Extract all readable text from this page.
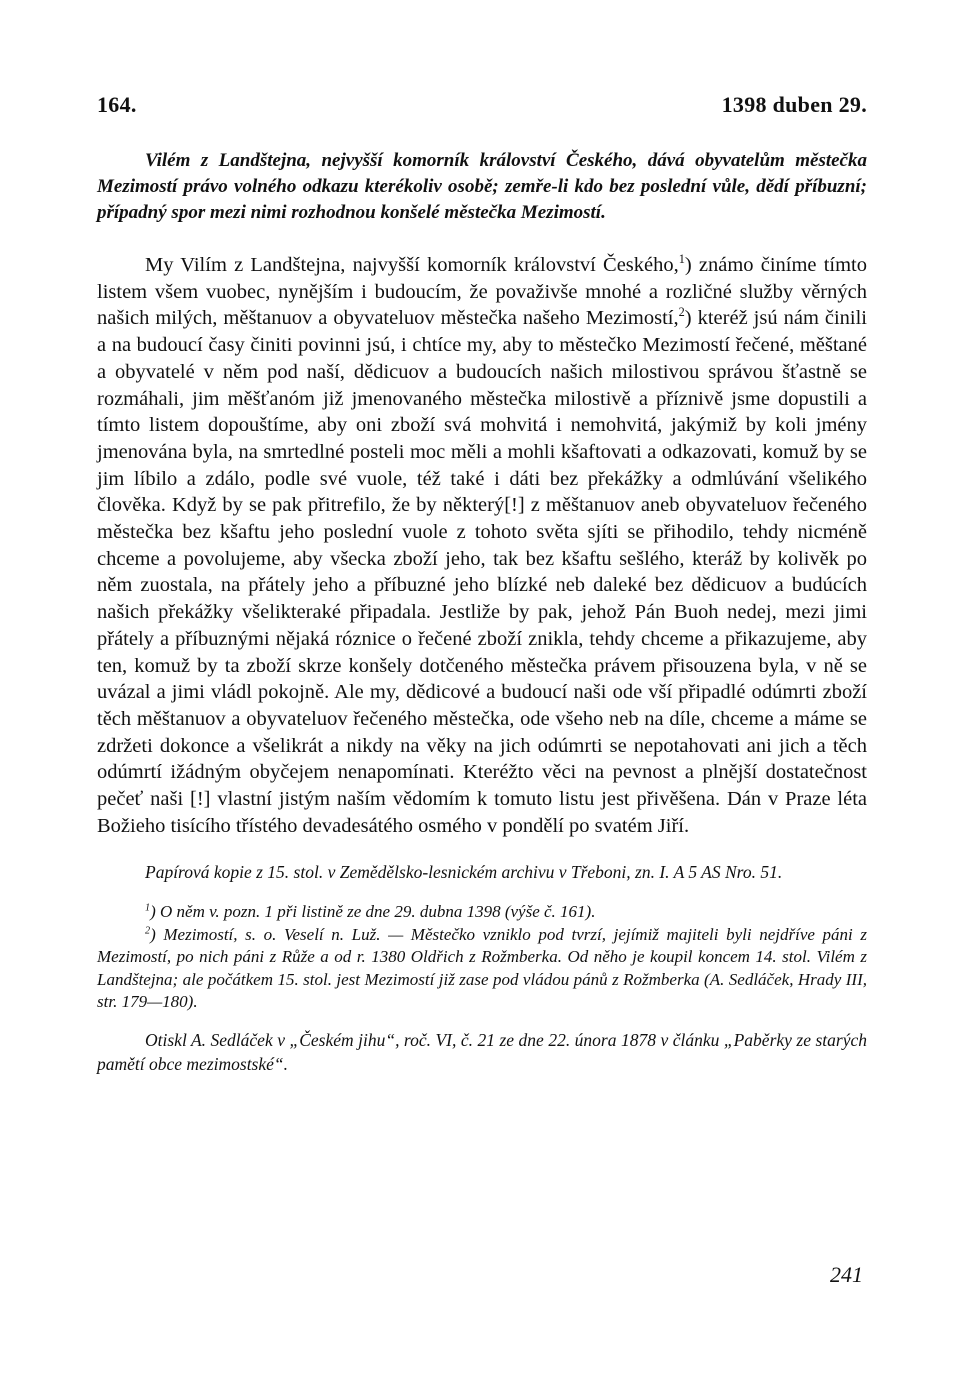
164.	1398 duben 29.

Vilém z Landštejna, nejvyšší komorník království Českého, dává obyvatelům městečka Mezimostí právo volného odkazu kterékoliv osobě; zemře-li kdo bez poslední vůle, dědí příbuzní; případný spor mezi nimi rozhodnou konšelé městečka Mezimostí.

My Vilím z Landštejna, najvyšší komorník království Českého,$^1$) známo činíme tímto listem všem vuobec, nynějším i budoucím, že považivše mnohé a rozličné služby věrných našich milých, měštanuov a obyvateluov městečka našeho Mezimostí,$^2$) kteréž jsú nám činili a na budoucí časy činiti povinni jsú, i chtíce my, aby to městečko Mezimostí řečené, měštané a obyvatelé v něm pod naší, dědicuov a budoucích našich milostivou správou šťastně se rozmáhali, jim měšťanóm již jmenovaného městečka milostivě a příznivě jsme dopustili a tímto listem dopouštíme, aby oni zboží svá mohvitá i nemohvitá, jakýmiž by koli jmény jmenována byla, na smrtedlné posteli moc měli a mohli kšaftovati a odkazovati, komuž by se jim líbilo a zdálo, podle své vuole, též také i dáti bez překážky a odmlúvání všelikého člověka. Když by se pak přitrefilo, že by některý[!] z měštanuov aneb obyvateluov řečeného městečka bez kšaftu jeho poslední vuole z tohoto světa sjíti se přihodilo, tehdy nicméně chceme a povolujeme, aby všecka zboží jeho, tak bez kšaftu sešlého, kteráž by kolivěk po něm zuostala, na přátely jeho a příbuzné jeho blízké neb daleké bez dědicuov a budúcích našich překážky všelikteraké připadala. Jestliže by pak, jehož Pán Buoh nedej, mezi jimi přátely a příbuznými nějaká róznice o řečené zboží znikla, tehdy chceme a přikazujeme, aby ten, komuž by ta zboží skrze konšely dotčeného městečka právem přisouzena byla, v ně se uvázal a jimi vládl pokojně. Ale my, dědicové a budoucí naši ode vší připadlé odúmrti zboží těch měštanuov a obyvateluov řečeného městečka, ode všeho neb na díle, chceme a máme se zdržeti dokonce a všelikrát a nikdy na věky na jich odúmrti se nepotahovati ani jich a těch odúmrtí ižádným obyčejem nenapomínati. Kteréžto věci na pevnost a plnější dostatečnost pečeť naši [!] vlastní jistým naším vědomím k tomuto listu jest přivěšena. Dán v Praze léta Božieho tisícího třístého devadesátého osmého v pondělí po svatém Jiří.

Papírová kopie z 15. stol. v Zemědělsko-lesnickém archivu v Třeboni, zn. I. A 5 AS Nro. 51.

$^1$) O něm v. pozn. 1 při listině ze dne 29. dubna 1398 (výše č. 161).

$^2$) Mezimostí, s. o. Veselí n. Luž. — Městečko vzniklo pod tvrzí, jejímiž majiteli byli nejdříve páni z Mezimostí, po nich páni z Růže a od r. 1380 Oldřich z Rožmberka. Od něho je koupil koncem 14. stol. Vilém z Landštejna; ale počátkem 15. stol. jest Mezimostí již zase pod vládou pánů z Rožmberka (A. Sedláček, Hrady III, str. 179—180).

Otiskl A. Sedláček v „Českém jihu“, roč. VI, č. 21 ze dne 22. února 1878 v článku „Paběrky ze starých pamětí obce mezimostské“.

241
